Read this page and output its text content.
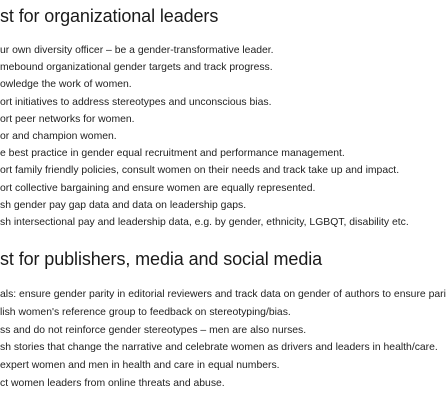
st for organizational leaders
ur own diversity officer – be a gender-transformative leader.
mebound organizational gender targets and track progress.
owledge the work of women.
ort initiatives to address stereotypes and unconscious bias.
ort peer networks for women.
or and champion women.
e best practice in gender equal recruitment and performance management.
ort family friendly policies, consult women on their needs and track take up and impact.
ort collective bargaining and ensure women are equally represented.
sh gender pay gap data and data on leadership gaps.
sh intersectional pay and leadership data, e.g. by gender, ethnicity, LGBQT, disability etc.
st for publishers, media and social media
als: ensure gender parity in editorial reviewers and track data on gender of authors to ensure pari
lish women's reference group to feedback on stereotyping/bias.
ss and do not reinforce gender stereotypes – men are also nurses.
sh stories that change the narrative and celebrate women as drivers and leaders in health/care.
expert women and men in health and care in equal numbers.
ct women leaders from online threats and abuse.
